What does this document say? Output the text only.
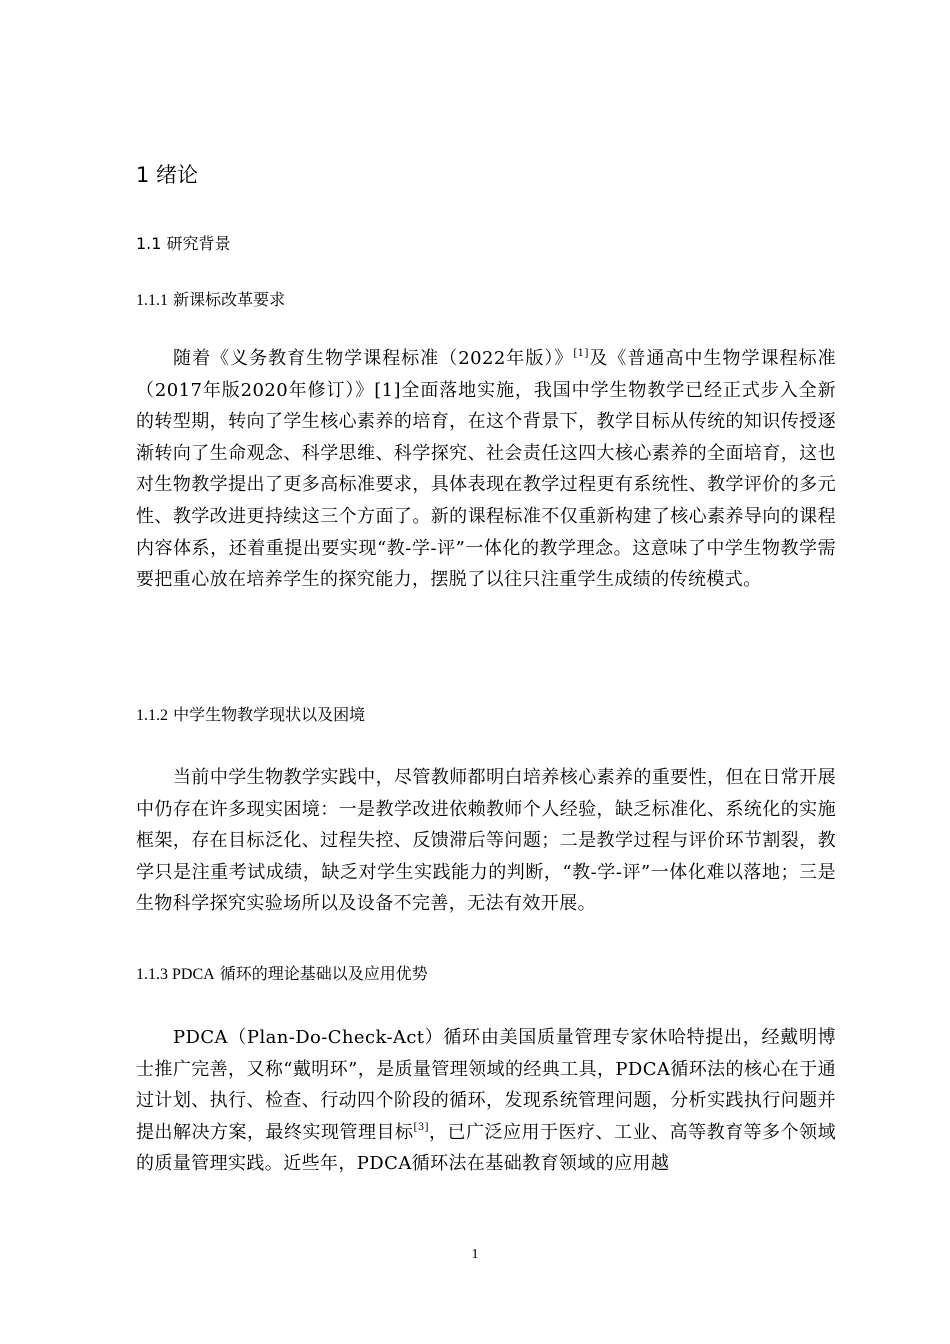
1 绪论
1.1 研究背景
1.1.1 新课标改革要求

随着《义务教育生物学课程标准（2022年版）》[1]及《普通高中生物学课程标准（2017年版2020年修订）》[1]全面落地实施，我国中学生物教学已经正式步入全新的转型期，转向了学生核心素养的培育，在这个背景下，教学目标从传统的知识传授逐渐转向了生命观念、科学思维、科学探究、社会责任这四大核心素养的全面培育，这也对生物教学提出了更多高标准要求，具体表现在教学过程更有系统性、教学评价的多元性、教学改进更持续这三个方面了。新的课程标准不仅重新构建了核心素养导向的课程内容体系，还着重提出要实现“教-学-评”一体化的教学理念。这意味了中学生物教学需要把重心放在培养学生的探究能力，摆脱了以往只注重学生成绩的传统模式。

1.1.2 中学生物教学现状以及困境

当前中学生物教学实践中，尽管教师都明白培养核心素养的重要性，但在日常开展中仍存在许多现实困境：一是教学改进依赖教师个人经验，缺乏标准化、系统化的实施框架，存在目标泛化、过程失控、反馈滞后等问题；二是教学过程与评价环节割裂，教学只是注重考试成绩，缺乏对学生实践能力的判断，“教-学-评”一体化难以落地；三是生物科学探究实验场所以及设备不完善，无法有效开展。

1.1.3 PDCA 循环的理论基础以及应用优势

PDCA（Plan-Do-Check-Act）循环由美国质量管理专家休哈特提出，经戴明博士推广完善，又称“戴明环”，是质量管理领域的经典工具，PDCA循环法的核心在于通过计划、执行、检查、行动四个阶段的循环，发现系统管理问题，分析实践执行问题并提出解决方案，最终实现管理目标[3]，已广泛应用于医疗、工业、高等教育等多个领域的质量管理实践。近些年，PDCA循环法在基础教育领域的应用越

1
